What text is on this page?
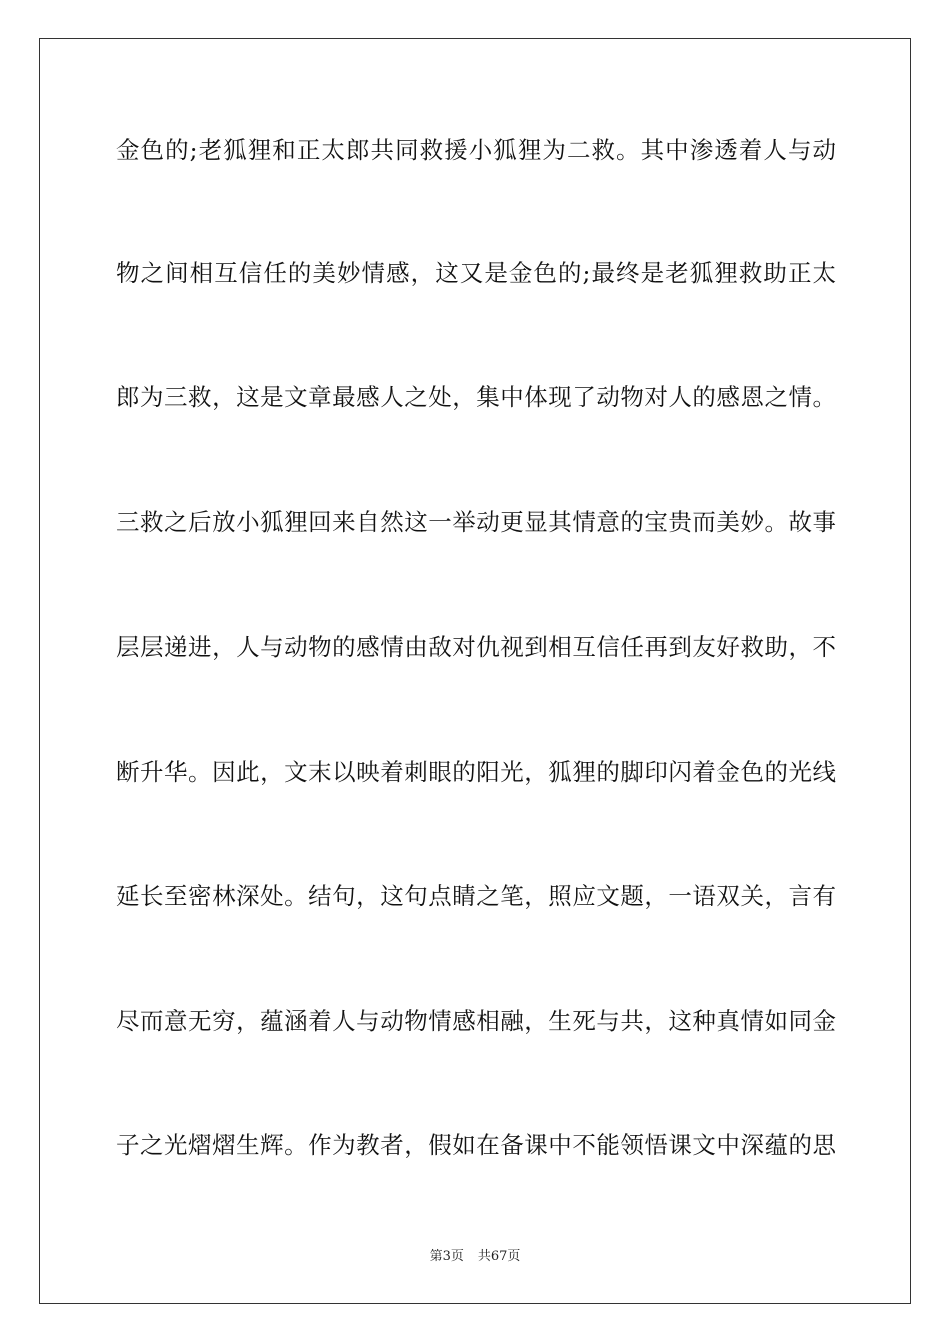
金色的;老狐狸和正太郎共同救援小狐狸为二救。其中渗透着人与动
物之间相互信任的美妙情感，这又是金色的;最终是老狐狸救助正太
郎为三救，这是文章最感人之处，集中体现了动物对人的感恩之情。
三救之后放小狐狸回来自然这一举动更显其情意的宝贵而美妙。故事
层层递进，人与动物的感情由敌对仇视到相互信任再到友好救助，不
断升华。因此，文末以映着刺眼的阳光，狐狸的脚印闪着金色的光线
延长至密林深处。结句，这句点睛之笔，照应文题，一语双关，言有
尽而意无穷，蕴涵着人与动物情感相融，生死与共，这种真情如同金
子之光熠熠生辉。作为教者，假如在备课中不能领悟课文中深蕴的思
第3页 共67页
